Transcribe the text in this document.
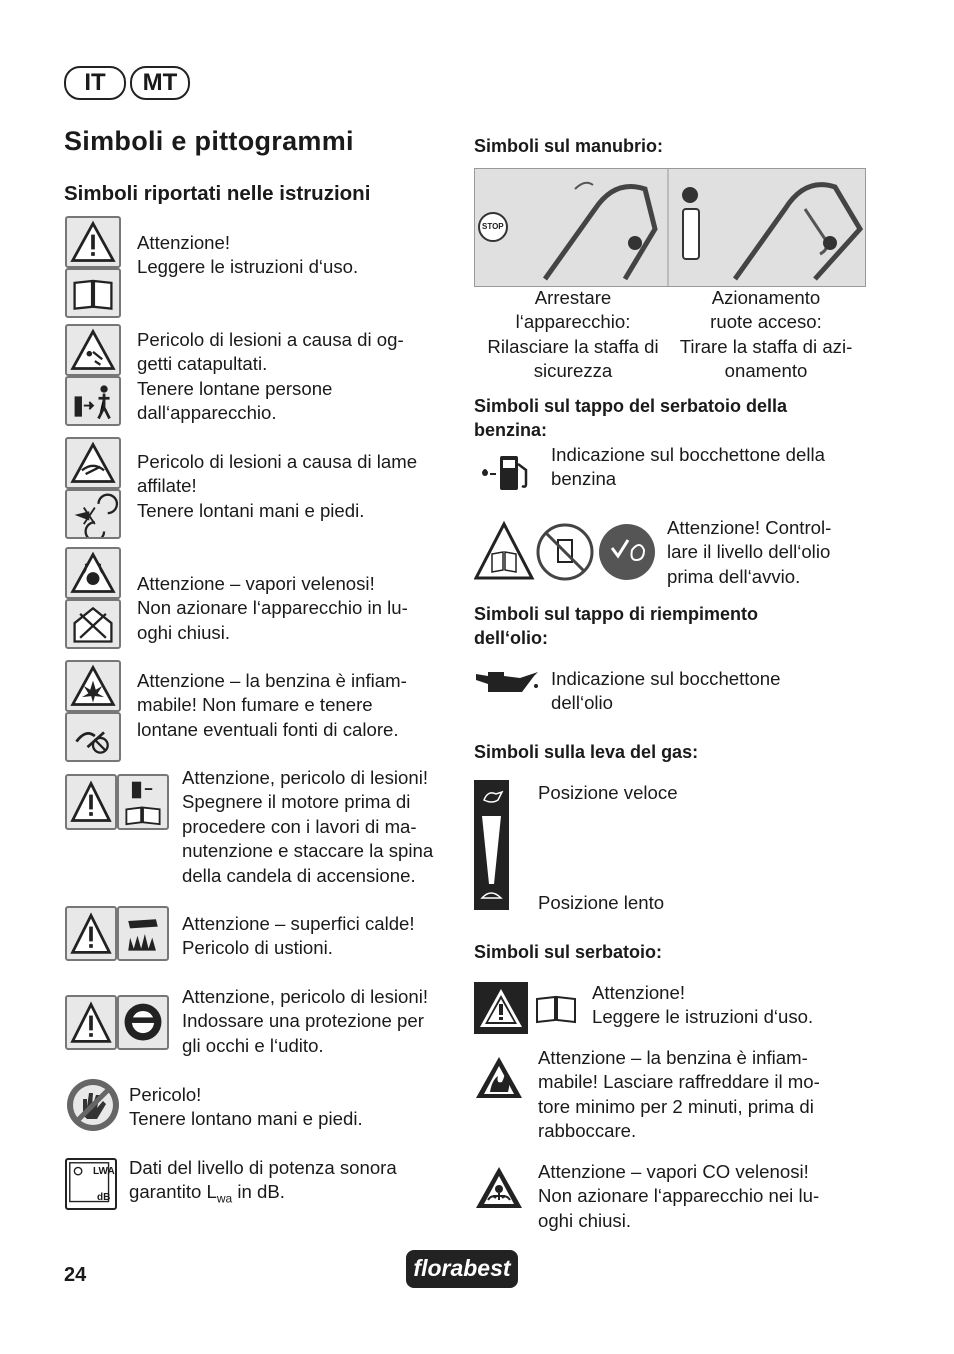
IT	MT
Simboli e pittogrammi
Simboli riportati nelle istruzioni
Attenzione!
Leggere le istruzioni d‘uso.
Pericolo di lesioni a causa di og-
getti catapultati.
Tenere lontane persone
dall‘apparecchio.
Pericolo di lesioni a causa di lame
affilate!
Tenere lontani mani e piedi.
Attenzione – vapori velenosi!
Non azionare l‘apparecchio in lu-
oghi chiusi.
Attenzione – la benzina è infiam-
mabile! Non fumare e tenere
lontane eventuali fonti di calore.
Attenzione, pericolo di lesioni!
Spegnere il motore prima di
procedere con i lavori di ma-
nutenzione e staccare la spina
della candela di accensione.
Attenzione – superfici calde!
Pericolo di ustioni.
Attenzione, pericolo di lesioni!
Indossare una protezione per
gli occhi e l‘udito.
Pericolo!
Tenere lontano mani e piedi.
LWA
dB
Dati del livello di potenza sonora
garantito $L_{wa}$ in dB.
Simboli sul manubrio:
STOP
Arrestare
l‘apparecchio:
Rilasciare la staffa di
sicurezza
Azionamento
ruote acceso:
Tirare la staffa di azi-
onamento
Simboli sul tappo del serbatoio della
benzina:
Indicazione sul bocchettone della
benzina
Attenzione! Control-
lare il livello dell‘olio
prima dell‘avvio.
Simboli sul tappo di riempimento
dell‘olio:
Indicazione sul bocchettone
dell‘olio
Simboli sulla leva del gas:
Posizione veloce
Posizione lento
Simboli sul serbatoio:
Attenzione!
Leggere le istruzioni d‘uso.
Attenzione – la benzina è infiam-
mabile! Lasciare raffreddare il mo-
tore minimo per 2 minuti, prima di
rabboccare.
Attenzione – vapori CO velenosi!
Non azionare l‘apparecchio nei lu-
oghi chiusi.
24	florabest
